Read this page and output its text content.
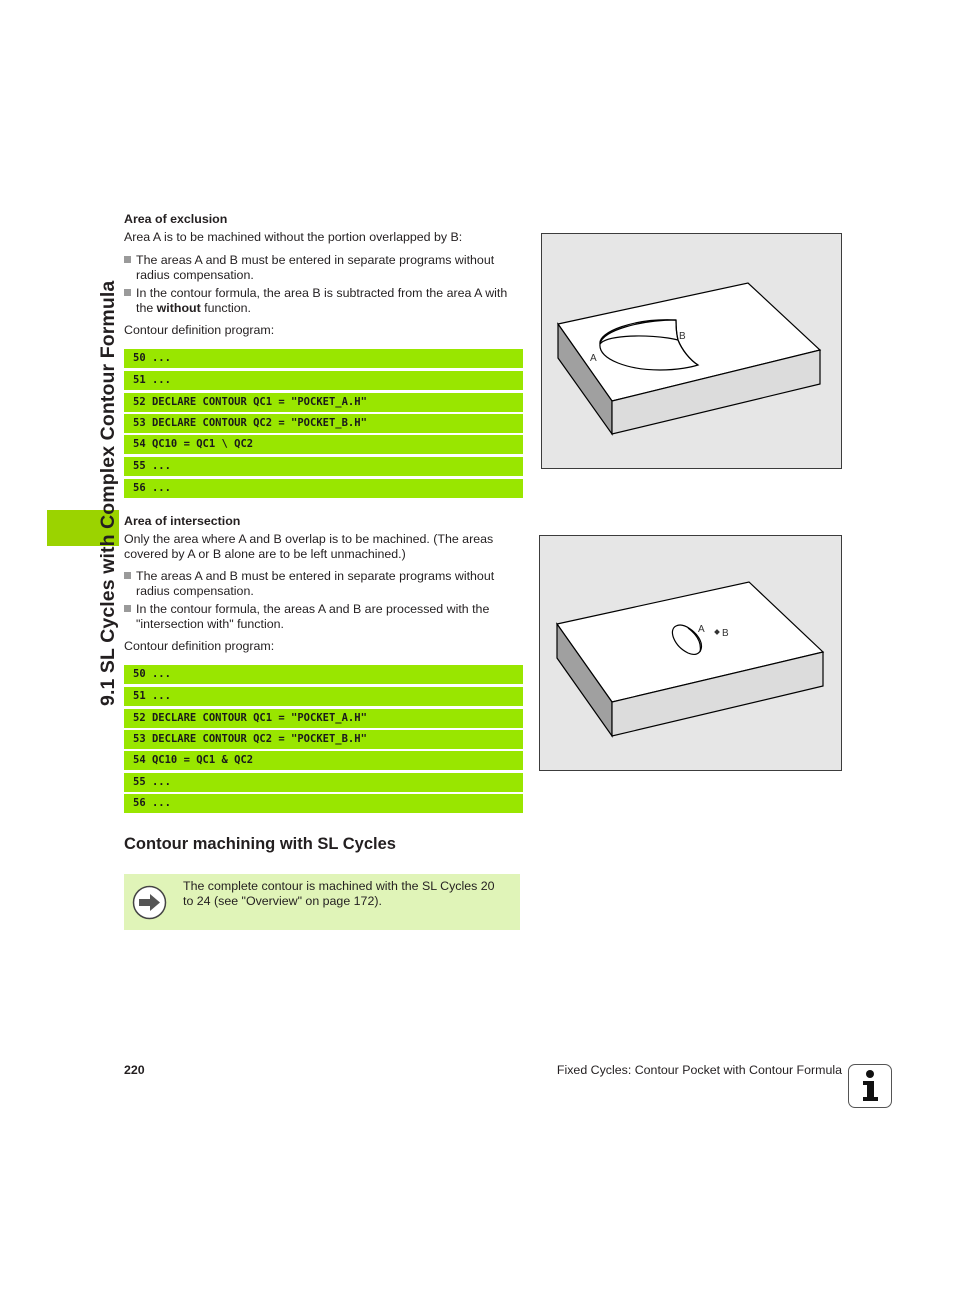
9.1 SL Cycles with Complex Contour Formula
Area of exclusion
Area A is to be machined without the portion overlapped by B:
The areas A and B must be entered in separate programs without
radius compensation.
In the contour formula, the area B is subtracted from the area A with
the without function.
Contour definition program:
50 ...
51 ...
52 DECLARE CONTOUR QC1 = "POCKET_A.H"
53 DECLARE CONTOUR QC2 = "POCKET_B.H"
54 QC10 = QC1 \ QC2
55 ...
56 ...
B
A
Area of intersection
Only the area where A and B overlap is to be machined. (The areas
covered by A or B alone are to be left unmachined.)
The areas A and B must be entered in separate programs without
radius compensation.
In the contour formula, the areas A and B are processed with the
"intersection with" function.
Contour definition program:
50 ...
51 ...
52 DECLARE CONTOUR QC1 = "POCKET_A.H"
53 DECLARE CONTOUR QC2 = "POCKET_B.H"
54 QC10 = QC1 & QC2
55 ...
56 ...
A B
Contour machining with SL Cycles
The complete contour is machined with the SL Cycles 20
to 24 (see "Overview" on page 172).
220	Fixed Cycles: Contour Pocket with Contour Formula
